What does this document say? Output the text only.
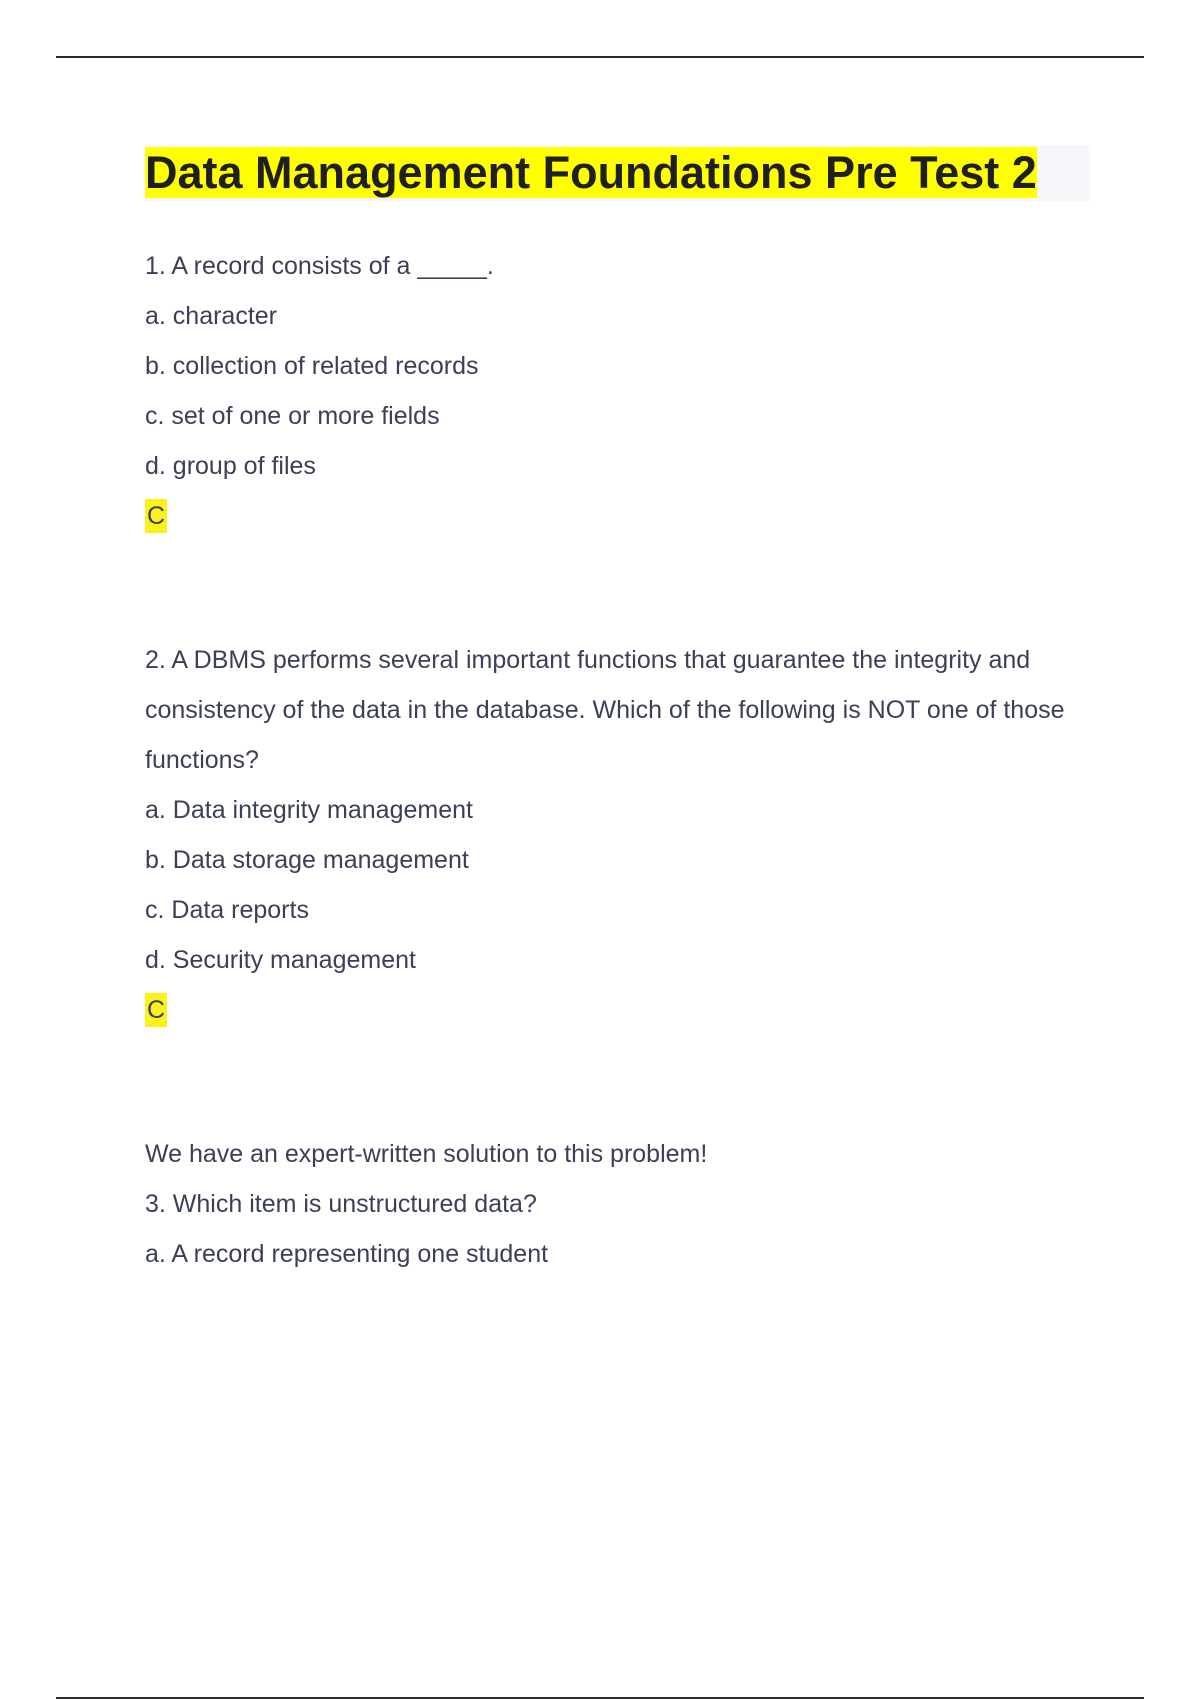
Data Management Foundations Pre Test 2

1. A record consists of a _____.

a. character

b. collection of related records

c. set of one or more fields

d. group of files

C

2. A DBMS performs several important functions that guarantee the integrity and

consistency of the data in the database. Which of the following is NOT one of those

functions?

a. Data integrity management

b. Data storage management

c. Data reports

d. Security management

C

We have an expert-written solution to this problem!

3. Which item is unstructured data?

a. A record representing one student
